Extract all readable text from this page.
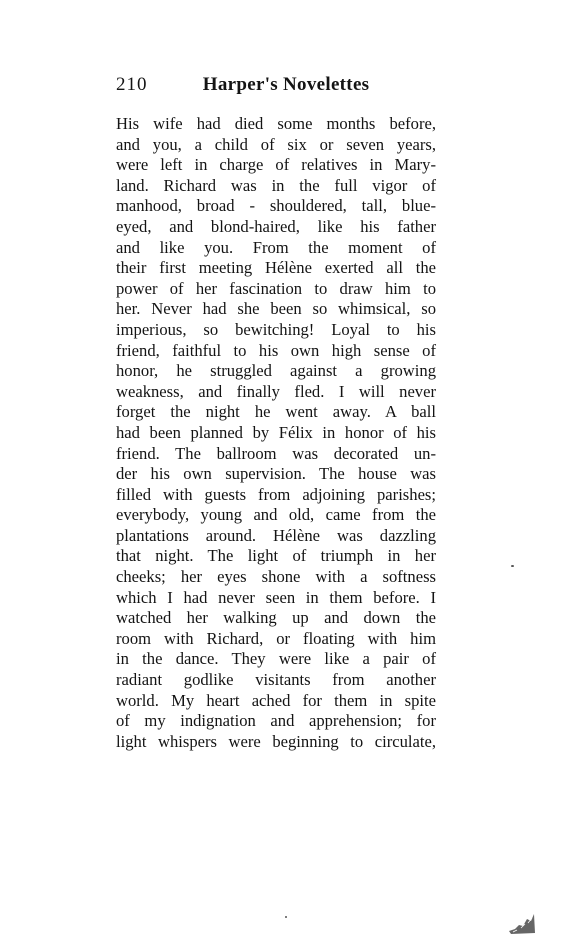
210	Harper's Novelettes
His wife had died some months before,
and you, a child of six or seven years,
were left in charge of relatives in Mary-
land. Richard was in the full vigor of
manhood, broad - shouldered, tall, blue-
eyed, and blond-haired, like his father
and like you. From the moment of
their first meeting Hélène exerted all the
power of her fascination to draw him to
her. Never had she been so whimsical, so
imperious, so bewitching! Loyal to his
friend, faithful to his own high sense of
honor, he struggled against a growing
weakness, and finally fled. I will never
forget the night he went away. A ball
had been planned by Félix in honor of his
friend. The ballroom was decorated un-
der his own supervision. The house was
filled with guests from adjoining parishes;
everybody, young and old, came from the
plantations around. Hélène was dazzling
that night. The light of triumph in her
cheeks; her eyes shone with a softness
which I had never seen in them before. I
watched her walking up and down the
room with Richard, or floating with him
in the dance. They were like a pair of
radiant godlike visitants from another
world. My heart ached for them in spite
of my indignation and apprehension; for
light whispers were beginning to circulate,
